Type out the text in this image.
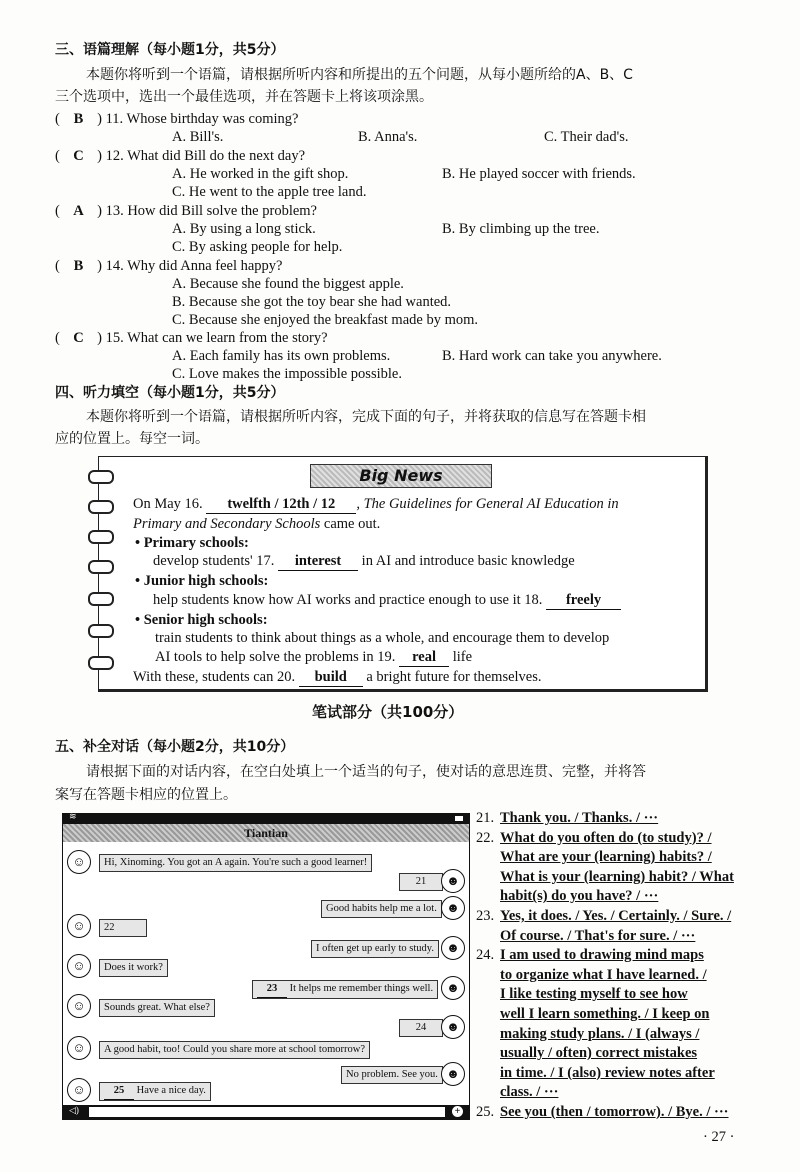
三、语篇理解（每小题1分，共5分）
本题你将听到一个语篇，请根据所听内容和所提出的五个问题，从每小题所给的A、B、C
三个选项中，选出一个最佳选项，并在答题卡上将该项涂黑。
( B ) 11. Whose birthday was coming?
A. Bill's.	B. Anna's.	C. Their dad's.
( C ) 12. What did Bill do the next day?
A. He worked in the gift shop.	B. He played soccer with friends.
C. He went to the apple tree land.
( A ) 13. How did Bill solve the problem?
A. By using a long stick.	B. By climbing up the tree.
C. By asking people for help.
( B ) 14. Why did Anna feel happy?
A. Because she found the biggest apple.
B. Because she got the toy bear she had wanted.
C. Because she enjoyed the breakfast made by mom.
( C ) 15. What can we learn from the story?
A. Each family has its own problems.	B. Hard work can take you anywhere.
C. Love makes the impossible possible.
四、听力填空（每小题1分，共5分）
本题你将听到一个语篇，请根据所听内容，完成下面的句子，并将获取的信息写在答题卡相
应的位置上。每空一词。
Big News
On May 16. twelfth / 12th / 12 , The Guidelines for General AI Education in
Primary and Secondary Schools came out.
• Primary schools:
develop students' 17. interest in AI and introduce basic knowledge
• Junior high schools:
help students know how AI works and practice enough to use it 18. freely
• Senior high schools:
train students to think about things as a whole, and encourage them to develop
AI tools to help solve the problems in 19. real life
With these, students can 20. build a bright future for themselves.
笔试部分（共100分）
五、补全对话（每小题2分，共10分）
请根据下面的对话内容，在空白处填上一个适当的句子，使对话的意思连贯、完整，并将答
案写在答题卡相应的位置上。
≋
Tiantian
☺	Hi, Xinoming. You got an A again. You're such a good learner!
21	☻
Good habits help me a lot. ☻
☺	22
I often get up early to study. ☻
☺	Does it work?
23 It helps me remember things well.	☻
☺	Sounds great. What else?
24	☻
☺	A good habit, too! Could you share more at school tomorrow?
No problem. See you. ☻
☺	25 Have a nice day.
◁)	+
21. Thank you. / Thanks. / ···
22. What do you often do (to study)? /
What are your (learning) habits? /
What is your (learning) habit? / What
habit(s) do you have? / ···
23. Yes, it does. / Yes. / Certainly. / Sure. /
Of course. / That's for sure. / ···
24. I am used to drawing mind maps
to organize what I have learned. /
I like testing myself to see how
well I learn something. / I keep on
making study plans. / I (always /
usually / often) correct mistakes
in time. / I (also) review notes after
class. / ···
25. See you (then / tomorrow). / Bye. / ···
· 27 ·
